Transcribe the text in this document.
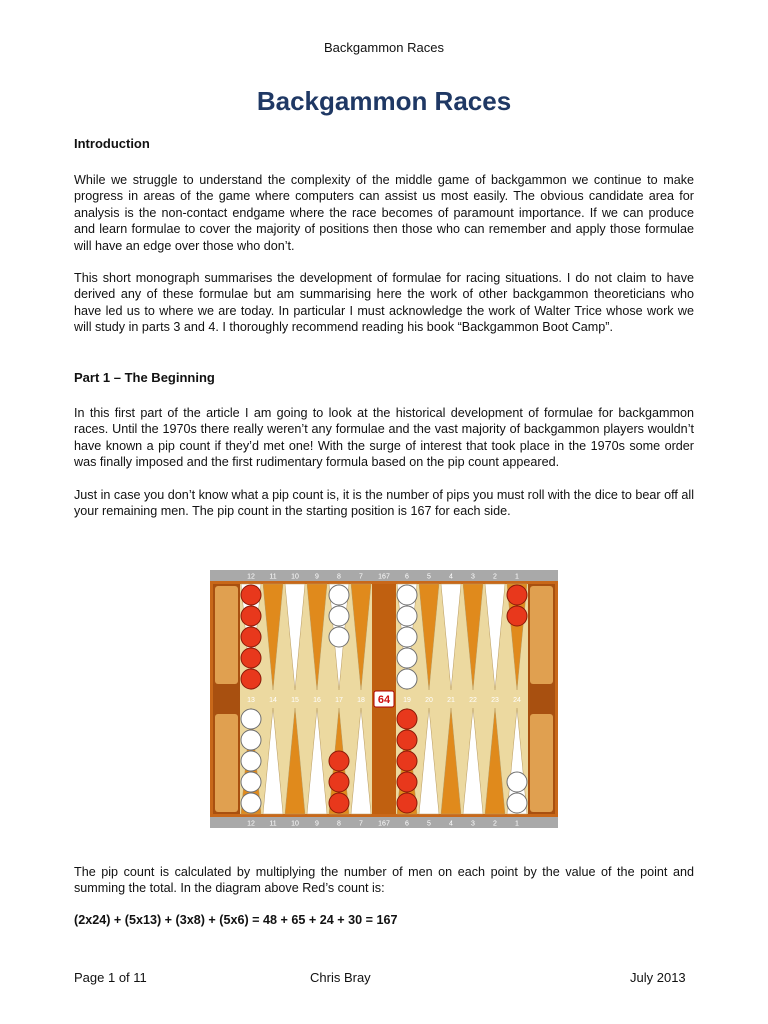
Backgammon Races
Backgammon Races
Introduction

While we struggle to understand the complexity of the middle game of backgammon we continue to make progress in areas of the game where computers can assist us most easily. The obvious candidate area for analysis is the non-contact endgame where the race becomes of paramount importance. If we can produce and learn formulae to cover the majority of positions then those who can remember and apply those formulae will have an edge over those who don’t.

This short monograph summarises the development of formulae for racing situations. I do not claim to have derived any of these formulae but am summarising here the work of other backgammon theoreticians who have led us to where we are today. In particular I must acknowledge the work of Walter Trice whose work we will study in parts 3 and 4. I thoroughly recommend reading his book “Backgammon Boot Camp”.

Part 1 – The Beginning

In this first part of the article I am going to look at the historical development of formulae for backgammon races. Until the 1970s there really weren’t any formulae and the vast majority of backgammon players wouldn’t have known a pip count if they’d met one! With the surge of interest that took place in the 1970s some order was finally imposed and the first rudimentary formula based on the pip count appeared.

Just in case you don’t know what a pip count is, it is the number of pips you must roll with the dice to bear off all your remaining men. The pip count in the starting position is 167 for each side.

12 11 10 9	8	7	6	5	4	3	2	1
12 11 10 9	8	7	6	5	4	3	2	1
13 14 15 16 17 18	19 20 21 22 23 24
167
167
64

The pip count is calculated by multiplying the number of men on each point by the value of the point and summing the total. In the diagram above Red’s count is:

(2x24) + (5x13) + (3x8) + (5x6) = 48 + 65 + 24 + 30 = 167
Page 1 of 11	Chris Bray	July 2013
